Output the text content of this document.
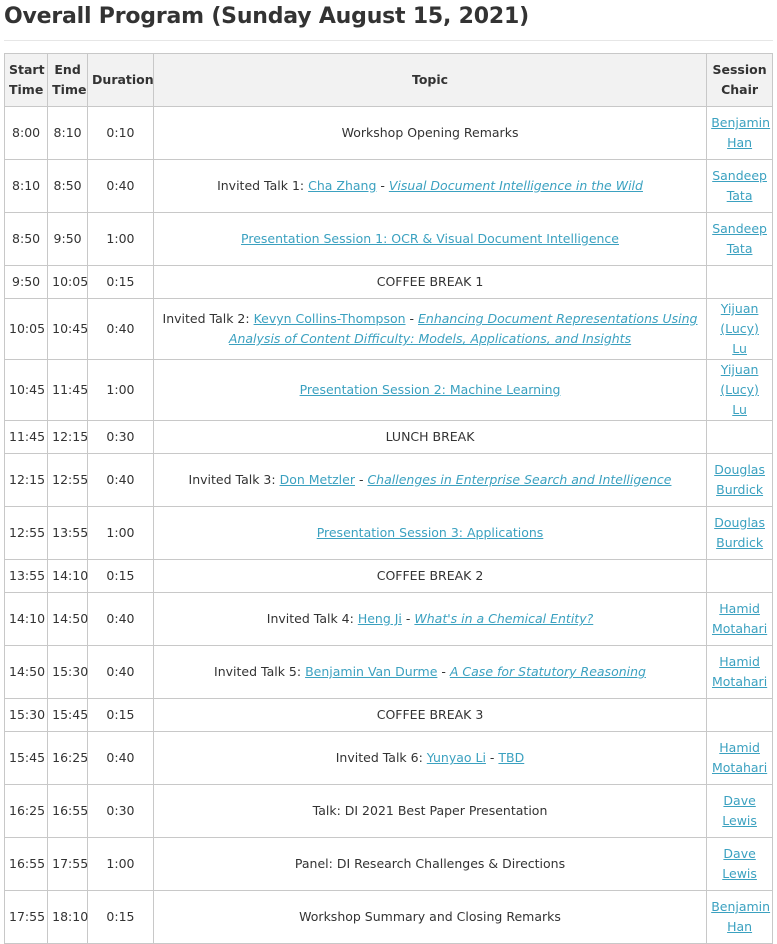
Overall Program (Sunday August 15, 2021)
Start Time	End Time	Duration	Topic	Session Chair
8:00	8:10	0:10	Workshop Opening Remarks	Benjamin Han
8:10	8:50	0:40	Invited Talk 1: Cha Zhang - Visual Document Intelligence in the Wild	Sandeep Tata
8:50	9:50	1:00	Presentation Session 1: OCR & Visual Document Intelligence	Sandeep Tata
9:50	10:05	0:15	COFFEE BREAK 1	
10:05	10:45	0:40	Invited Talk 2: Kevyn Collins-Thompson - Enhancing Document Representations Using Analysis of Content Difficulty: Models, Applications, and Insights	Yijuan (Lucy) Lu
10:45	11:45	1:00	Presentation Session 2: Machine Learning	Yijuan (Lucy) Lu
11:45	12:15	0:30	LUNCH BREAK	
12:15	12:55	0:40	Invited Talk 3: Don Metzler - Challenges in Enterprise Search and Intelligence	Douglas Burdick
12:55	13:55	1:00	Presentation Session 3: Applications	Douglas Burdick
13:55	14:10	0:15	COFFEE BREAK 2	
14:10	14:50	0:40	Invited Talk 4: Heng Ji - What's in a Chemical Entity?	Hamid Motahari
14:50	15:30	0:40	Invited Talk 5: Benjamin Van Durme - A Case for Statutory Reasoning	Hamid Motahari
15:30	15:45	0:15	COFFEE BREAK 3	
15:45	16:25	0:40	Invited Talk 6: Yunyao Li - TBD	Hamid Motahari
16:25	16:55	0:30	Talk: DI 2021 Best Paper Presentation	Dave Lewis
16:55	17:55	1:00	Panel: DI Research Challenges & Directions	Dave Lewis
17:55	18:10	0:15	Workshop Summary and Closing Remarks	Benjamin Han
